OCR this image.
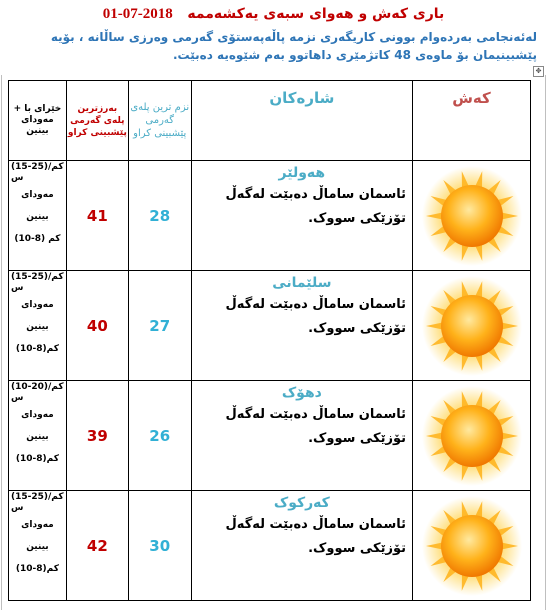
باری کەش و هەوای سبەی یەکشەممە   2018-07-01
لەئەنجامی بەردەوام بوونی کاریگەری نزمە پاڵەپەستۆی گەرمی وەرزی ساڵانە ، بۆیە پێشبینیمان بۆ ماوەی 48 کاتژمێری داهاتوو بەم شێوەیە دەبێت.
✥
خێرای با + مەودای بینین	بەرزترین پلەی گەرمی پێشبینی کراو	نزم ترین پلەی گەرمی پێشبینی کراو	شارەکان	کەش

(15-25)کم/س
مەودای
بینین
(10-8) کم	41	28	هەولێر
ئاسمان ساماڵ دەبێت لەگەڵ تۆزێکی سووک.

(15-25)کم/س
مەودای
بینین
(10-8)کم	40	27	سلێمانی
ئاسمان ساماڵ دەبێت لەگەڵ تۆزێکی سووک.

(10-20)کم/س
مەودای
بینین
(10-8)کم	39	26	دهۆک
ئاسمان ساماڵ دەبێت لەگەڵ تۆزێکی سووک.

(15-25)کم/س
مەودای
بینین
(10-8)کم	42	30	کەرکوک
ئاسمان ساماڵ دەبێت لەگەڵ تۆزێکی سووک.
